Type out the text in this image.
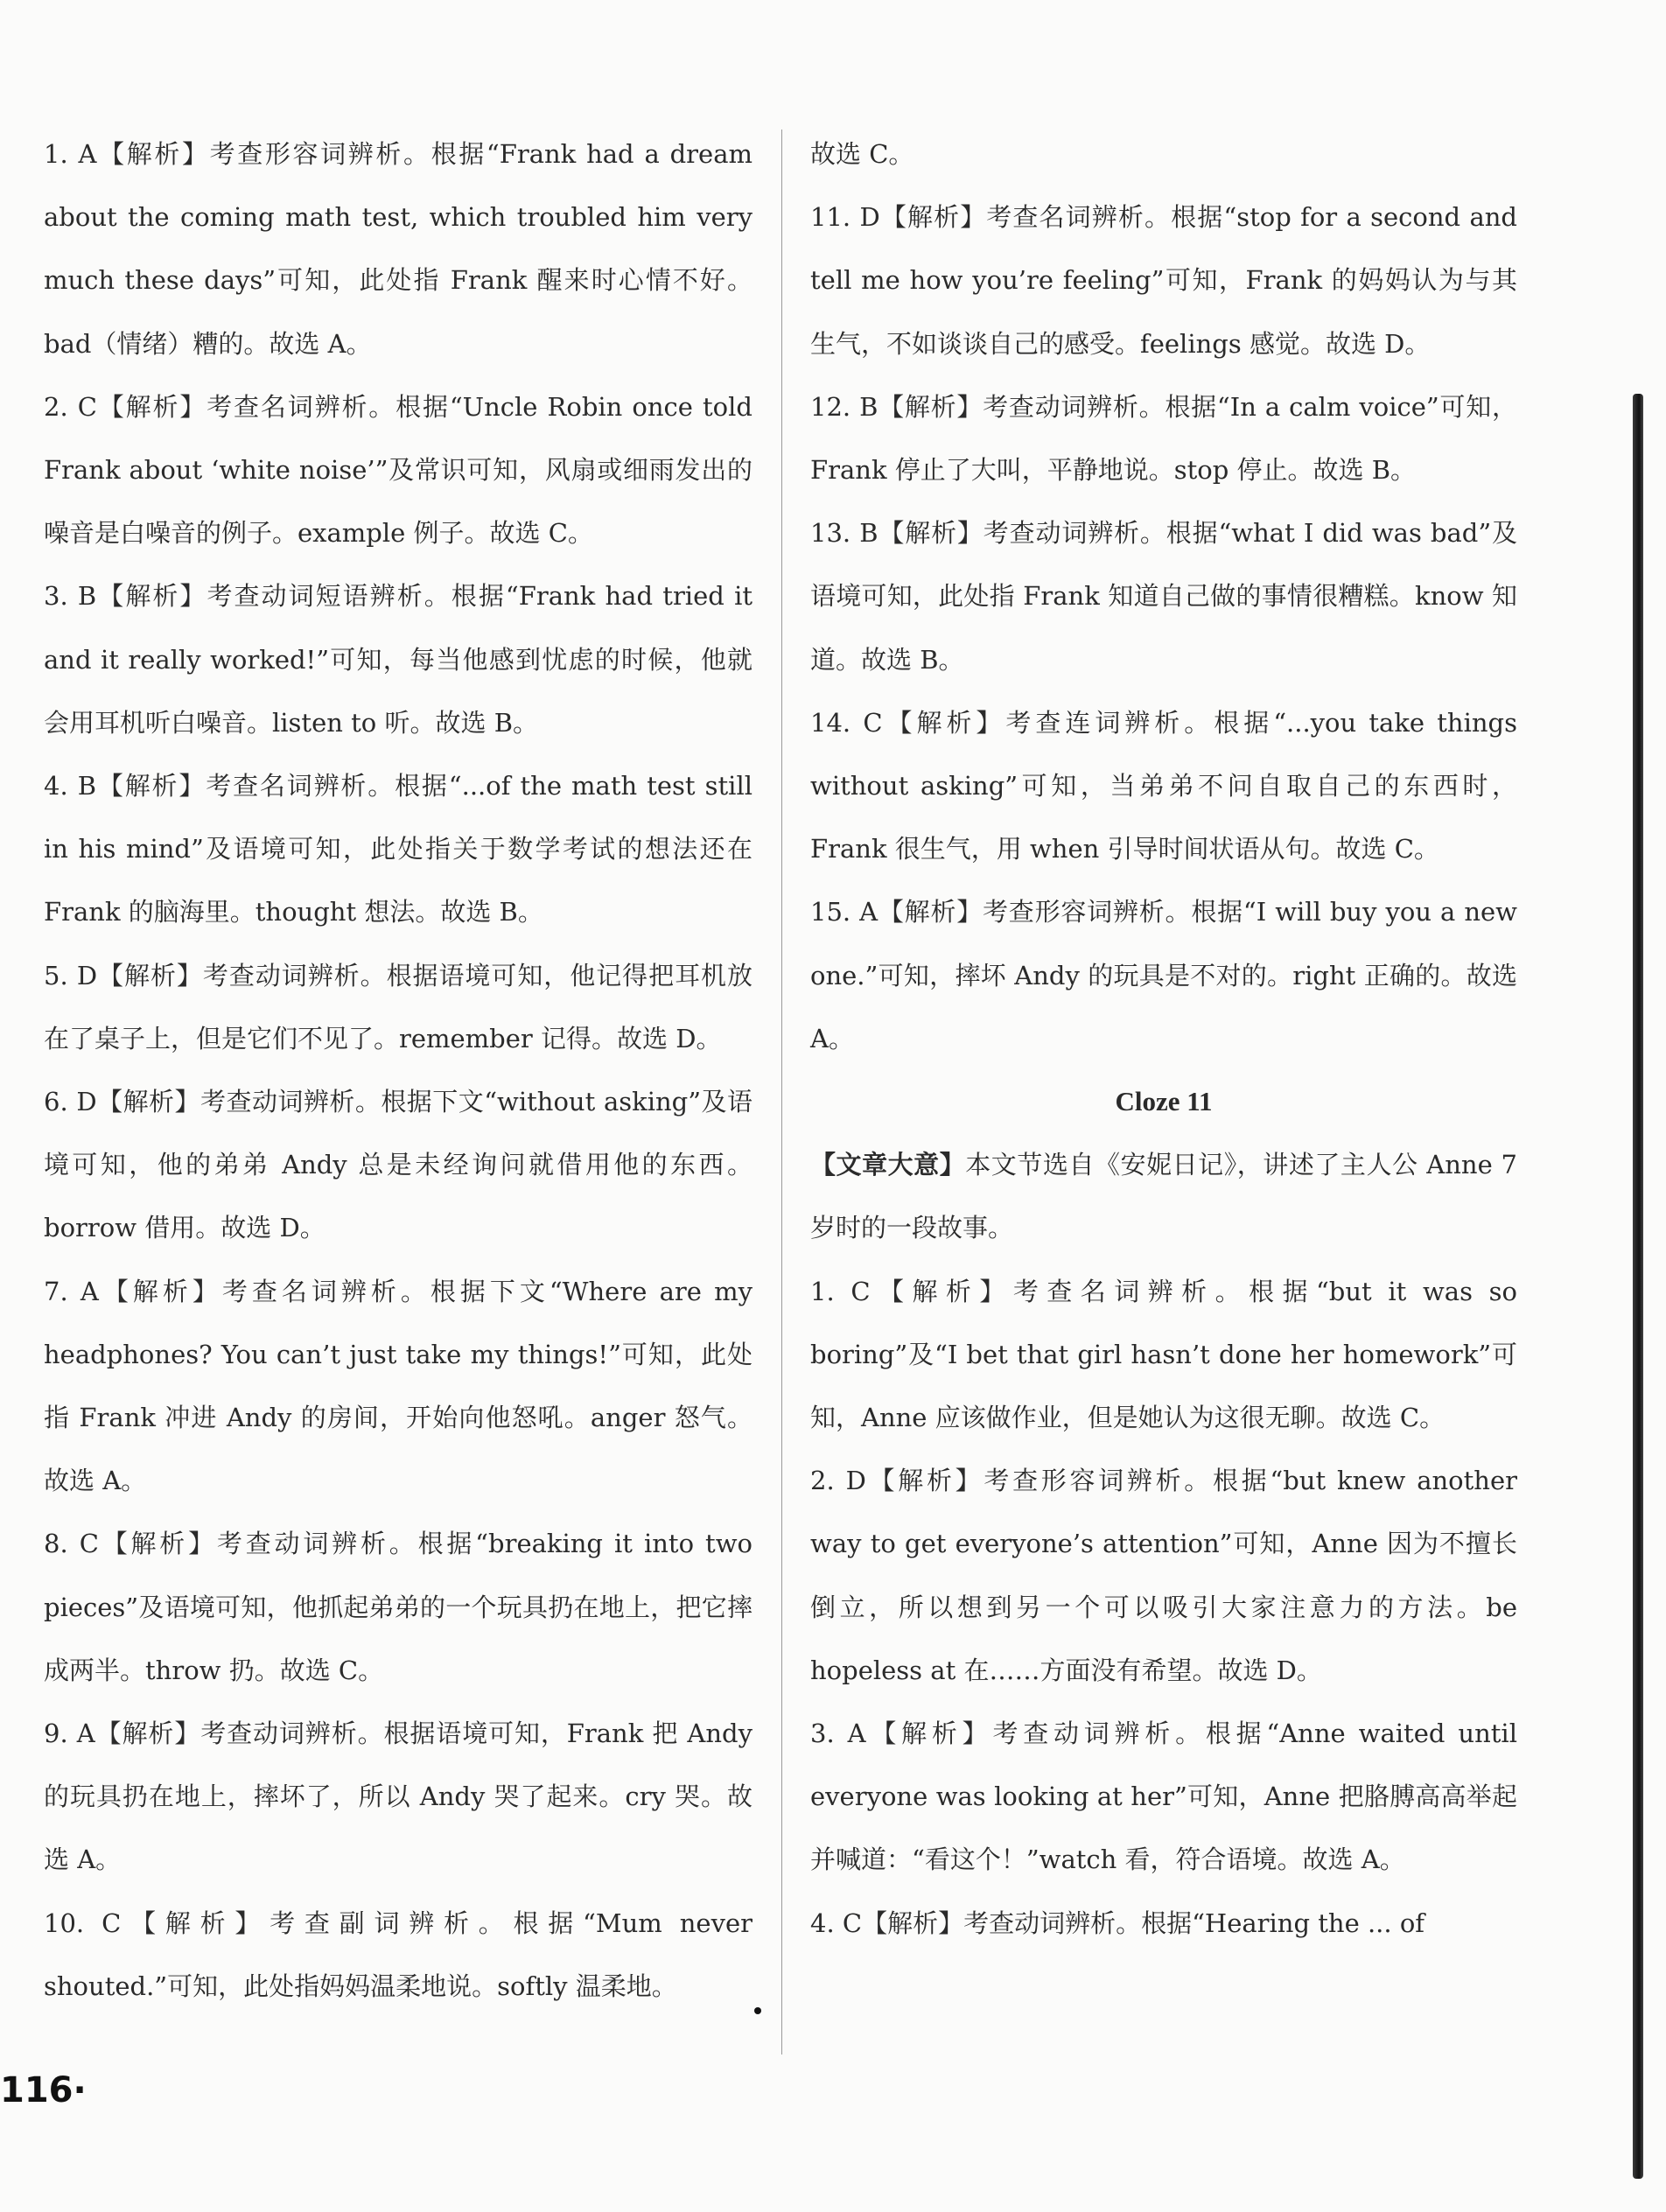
1. A【解析】考查形容词辨析。根据“Frank had a dream about the coming math test, which troubled him very much these days”可知，此处指 Frank 醒来时心情不好。bad（情绪）糟的。故选 A。

2. C【解析】考查名词辨析。根据“Uncle Robin once told Frank about ‘white noise’”及常识可知，风扇或细雨发出的噪音是白噪音的例子。example 例子。故选 C。

3. B【解析】考查动词短语辨析。根据“Frank had tried it and it really worked!”可知，每当他感到忧虑的时候，他就会用耳机听白噪音。listen to 听。故选 B。

4. B【解析】考查名词辨析。根据“...of the math test still in his mind”及语境可知，此处指关于数学考试的想法还在 Frank 的脑海里。thought 想法。故选 B。

5. D【解析】考查动词辨析。根据语境可知，他记得把耳机放在了桌子上，但是它们不见了。remember 记得。故选 D。

6. D【解析】考查动词辨析。根据下文“without asking”及语境可知，他的弟弟 Andy 总是未经询问就借用他的东西。borrow 借用。故选 D。

7. A【解析】考查名词辨析。根据下文“Where are my headphones? You can’t just take my things!”可知，此处指 Frank 冲进 Andy 的房间，开始向他怒吼。anger 怒气。故选 A。

8. C【解析】考查动词辨析。根据“breaking it into two pieces”及语境可知，他抓起弟弟的一个玩具扔在地上，把它摔成两半。throw 扔。故选 C。

9. A【解析】考查动词辨析。根据语境可知，Frank 把 Andy 的玩具扔在地上，摔坏了，所以 Andy 哭了起来。cry 哭。故选 A。

10. C【解析】考查副词辨析。根据“Mum never shouted.”可知，此处指妈妈温柔地说。softly 温柔地。

故选 C。

11. D【解析】考查名词辨析。根据“stop for a second and tell me how you’re feeling”可知，Frank 的妈妈认为与其生气，不如谈谈自己的感受。feelings 感觉。故选 D。

12. B【解析】考查动词辨析。根据“In a calm voice”可知，Frank 停止了大叫，平静地说。stop 停止。故选 B。

13. B【解析】考查动词辨析。根据“what I did was bad”及语境可知，此处指 Frank 知道自己做的事情很糟糕。know 知道。故选 B。

14. C【解析】考查连词辨析。根据“...you take things without asking”可知，当弟弟不问自取自己的东西时，Frank 很生气，用 when 引导时间状语从句。故选 C。

15. A【解析】考查形容词辨析。根据“I will buy you a new one.”可知，摔坏 Andy 的玩具是不对的。right 正确的。故选 A。

Cloze 11

【文章大意】本文节选自《安妮日记》，讲述了主人公 Anne 7 岁时的一段故事。

1. C【解析】考查名词辨析。根据“but it was so boring”及“I bet that girl hasn’t done her homework”可知，Anne 应该做作业，但是她认为这很无聊。故选 C。

2. D【解析】考查形容词辨析。根据“but knew another way to get everyone’s attention”可知，Anne 因为不擅长倒立，所以想到另一个可以吸引大家注意力的方法。be hopeless at 在……方面没有希望。故选 D。

3. A【解析】考查动词辨析。根据“Anne waited until everyone was looking at her”可知，Anne 把胳膊高高举起并喊道：“看这个！”watch 看，符合语境。故选 A。

4. C【解析】考查动词辨析。根据“Hearing the ... of

116·
